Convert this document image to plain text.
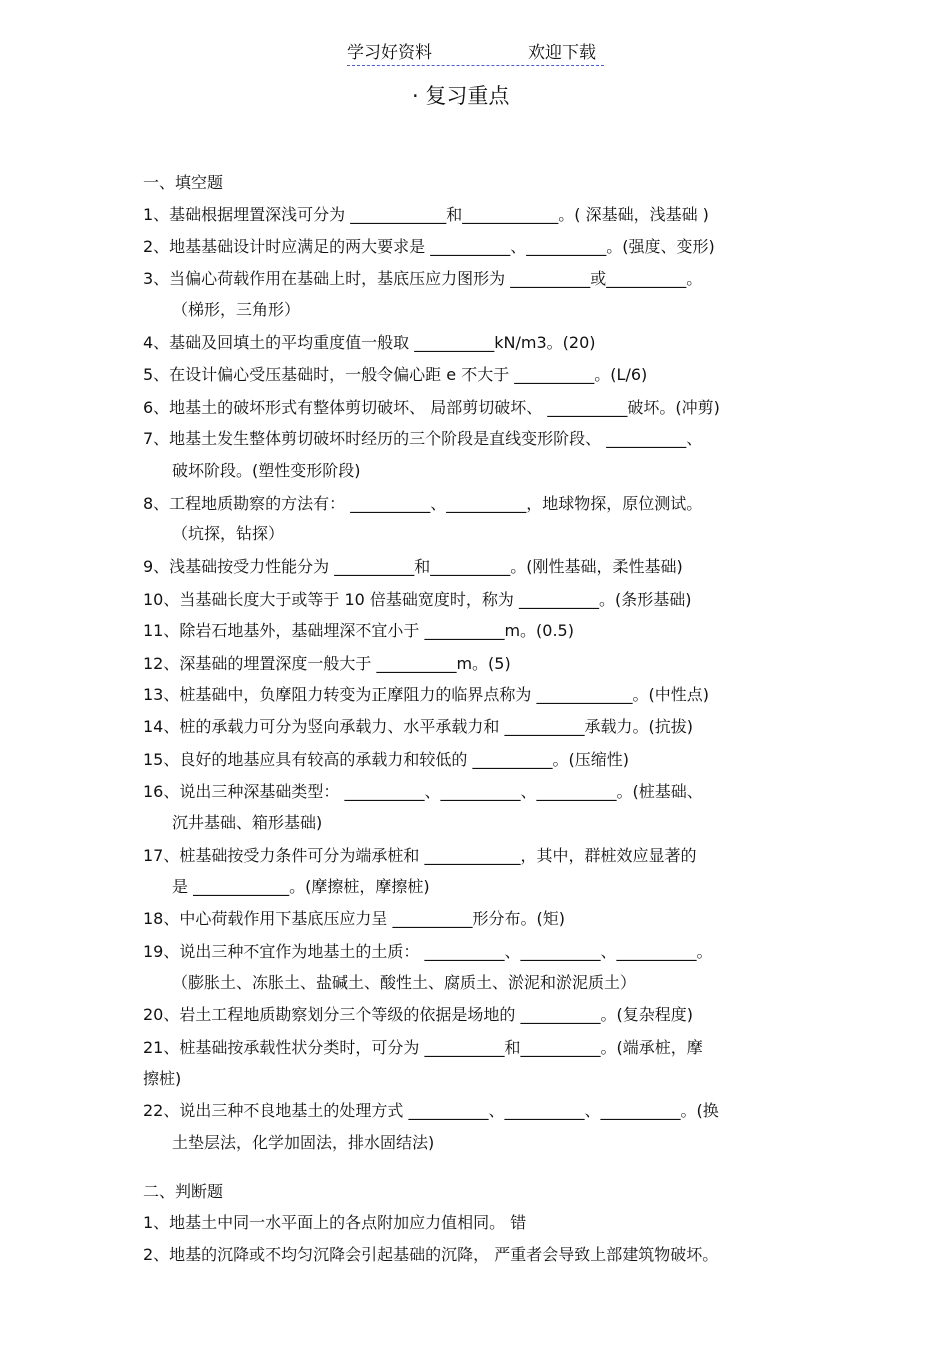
学习好资料	欢迎下载
· 复习重点
一、填空题
1、基础根据埋置深浅可分为 ____________和____________。( 深基础，浅基础 )
2、地基基础设计时应满足的两大要求是 __________、__________。(强度、变形)
3、当偏心荷载作用在基础上时，基底压应力图形为 __________或__________。
（梯形，三角形）
4、基础及回填土的平均重度值一般取 __________kN/m3。(20)
5、在设计偏心受压基础时，一般令偏心距 e 不大于 __________。(L/6)
6、地基土的破坏形式有整体剪切破坏、 局部剪切破坏、 __________破坏。(冲剪)
7、地基土发生整体剪切破坏时经历的三个阶段是直线变形阶段、 __________、
破坏阶段。(塑性变形阶段)
8、工程地质勘察的方法有： __________、__________，地球物探，原位测试。
（坑探，钻探）
9、浅基础按受力性能分为 __________和__________。(刚性基础，柔性基础)
10、当基础长度大于或等于 10 倍基础宽度时，称为 __________。(条形基础)
11、除岩石地基外，基础埋深不宜小于 __________m。(0.5)
12、深基础的埋置深度一般大于 __________m。(5)
13、桩基础中，负摩阻力转变为正摩阻力的临界点称为 ____________。(中性点)
14、桩的承载力可分为竖向承载力、水平承载力和 __________承载力。(抗拔)
15、良好的地基应具有较高的承载力和较低的 __________。(压缩性)
16、说出三种深基础类型： __________、__________、__________。(桩基础、
沉井基础、箱形基础)
17、桩基础按受力条件可分为端承桩和 ____________，其中，群桩效应显著的
是 ____________。(摩擦桩，摩擦桩)
18、中心荷载作用下基底压应力呈 __________形分布。(矩)
19、说出三种不宜作为地基土的土质： __________、__________、__________。
（膨胀土、冻胀土、盐碱土、酸性土、腐质土、淤泥和淤泥质土）
20、岩土工程地质勘察划分三个等级的依据是场地的 __________。(复杂程度)
21、桩基础按承载性状分类时，可分为 __________和__________。(端承桩，摩
擦桩)
22、说出三种不良地基土的处理方式 __________、__________、__________。(换
土垫层法，化学加固法，排水固结法)
二、判断题
1、地基土中同一水平面上的各点附加应力值相同。 错
2、地基的沉降或不均匀沉降会引起基础的沉降， 严重者会导致上部建筑物破坏。
